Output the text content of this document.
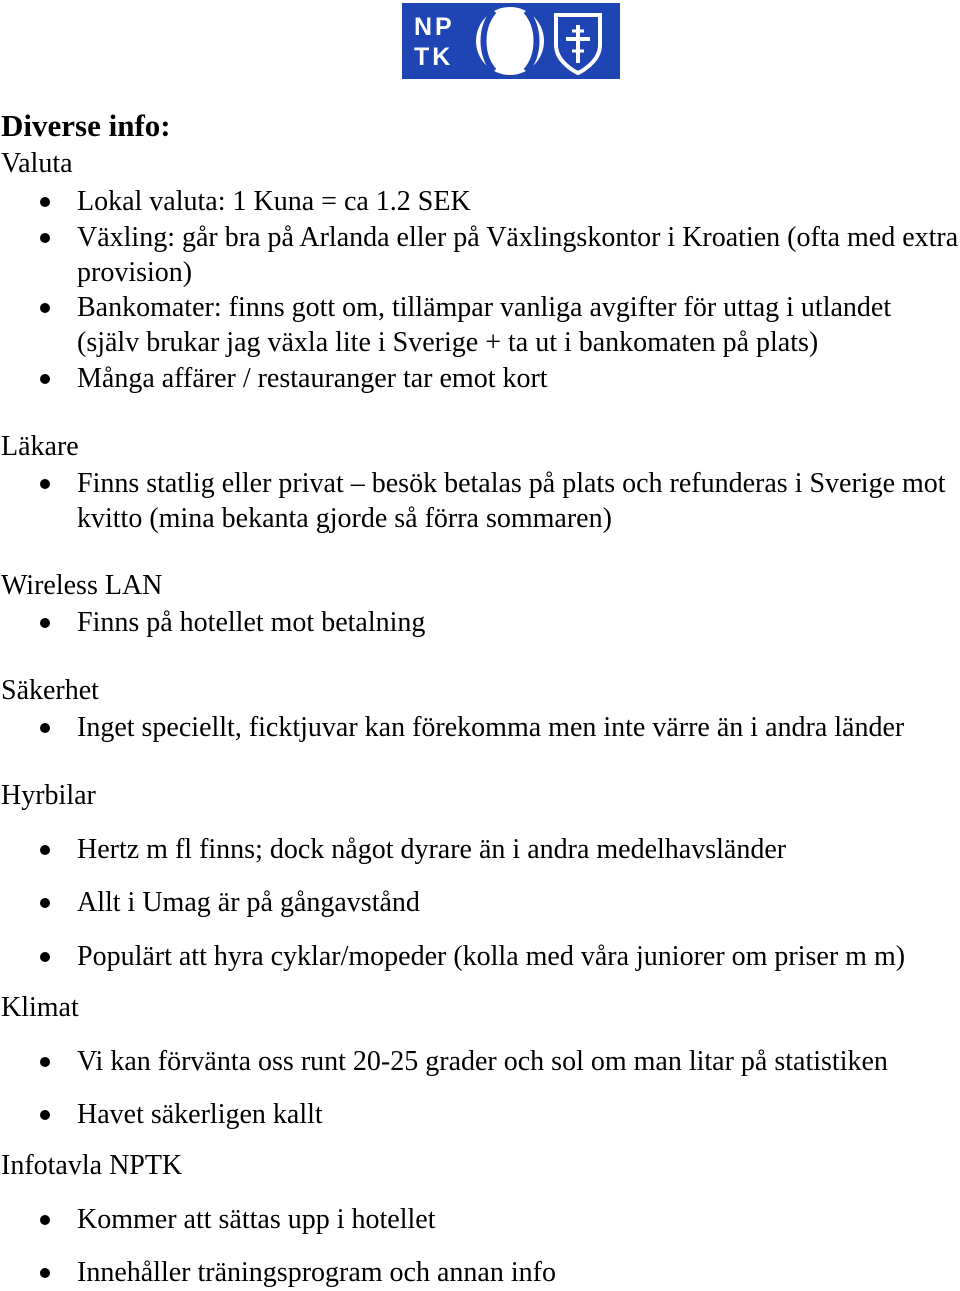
NP
TK
Diverse info:
Valuta
Lokal valuta: 1 Kuna = ca 1.2 SEK
Växling: går bra på Arlanda eller på Växlingskontor i Kroatien (ofta med extra provision)
Bankomater: finns gott om, tillämpar vanliga avgifter för uttag i utlandet (själv brukar jag växla lite i Sverige + ta ut i bankomaten på plats)
Många affärer / restauranger tar emot kort
Läkare
Finns statlig eller privat – besök betalas på plats och refunderas i Sverige mot kvitto (mina bekanta gjorde så förra sommaren)
Wireless LAN
Finns på hotellet mot betalning
Säkerhet
Inget speciellt, ficktjuvar kan förekomma men inte värre än i andra länder
Hyrbilar
Hertz m fl finns; dock något dyrare än i andra medelhavsländer
Allt i Umag är på gångavstånd
Populärt att hyra cyklar/mopeder (kolla med våra juniorer om priser m m)
Klimat
Vi kan förvänta oss runt 20-25 grader och sol om man litar på statistiken
Havet säkerligen kallt
Infotavla NPTK
Kommer att sättas upp i hotellet
Innehåller träningsprogram och annan info
